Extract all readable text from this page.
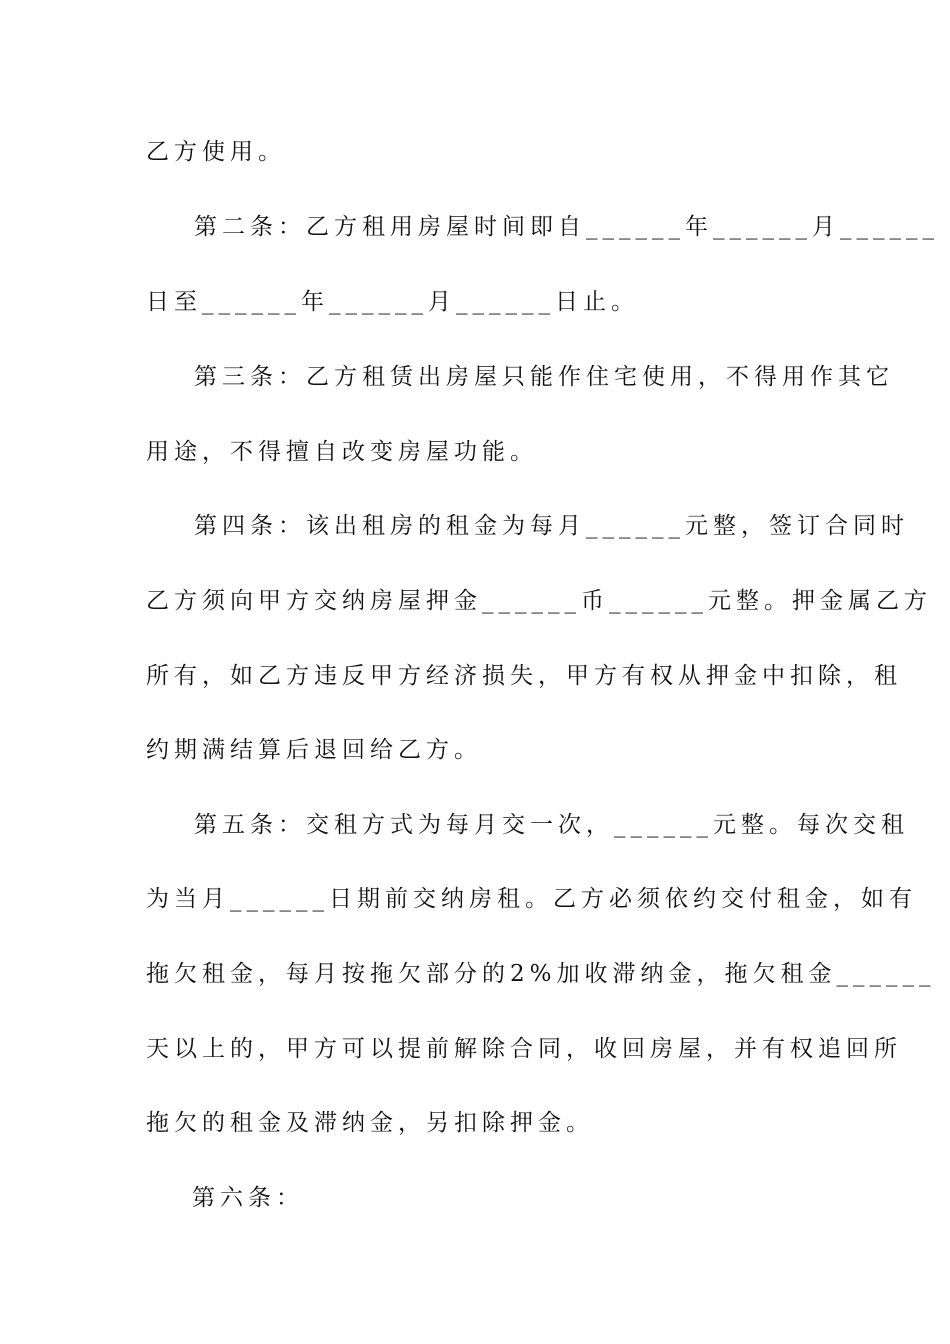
乙方使用。
第二条：乙方租用房屋时间即自______年______月______
日至______年______月______日止。
第三条：乙方租赁出房屋只能作住宅使用，不得用作其它
用途，不得擅自改变房屋功能。
第四条：该出租房的租金为每月______元整，签订合同时
乙方须向甲方交纳房屋押金______币______元整。押金属乙方
所有，如乙方违反甲方经济损失，甲方有权从押金中扣除，租
约期满结算后退回给乙方。
第五条：交租方式为每月交一次，______元整。每次交租
为当月______日期前交纳房租。乙方必须依约交付租金，如有
拖欠租金，每月按拖欠部分的2%加收滞纳金，拖欠租金______
天以上的，甲方可以提前解除合同，收回房屋，并有权追回所
拖欠的租金及滞纳金，另扣除押金。
第六条：
